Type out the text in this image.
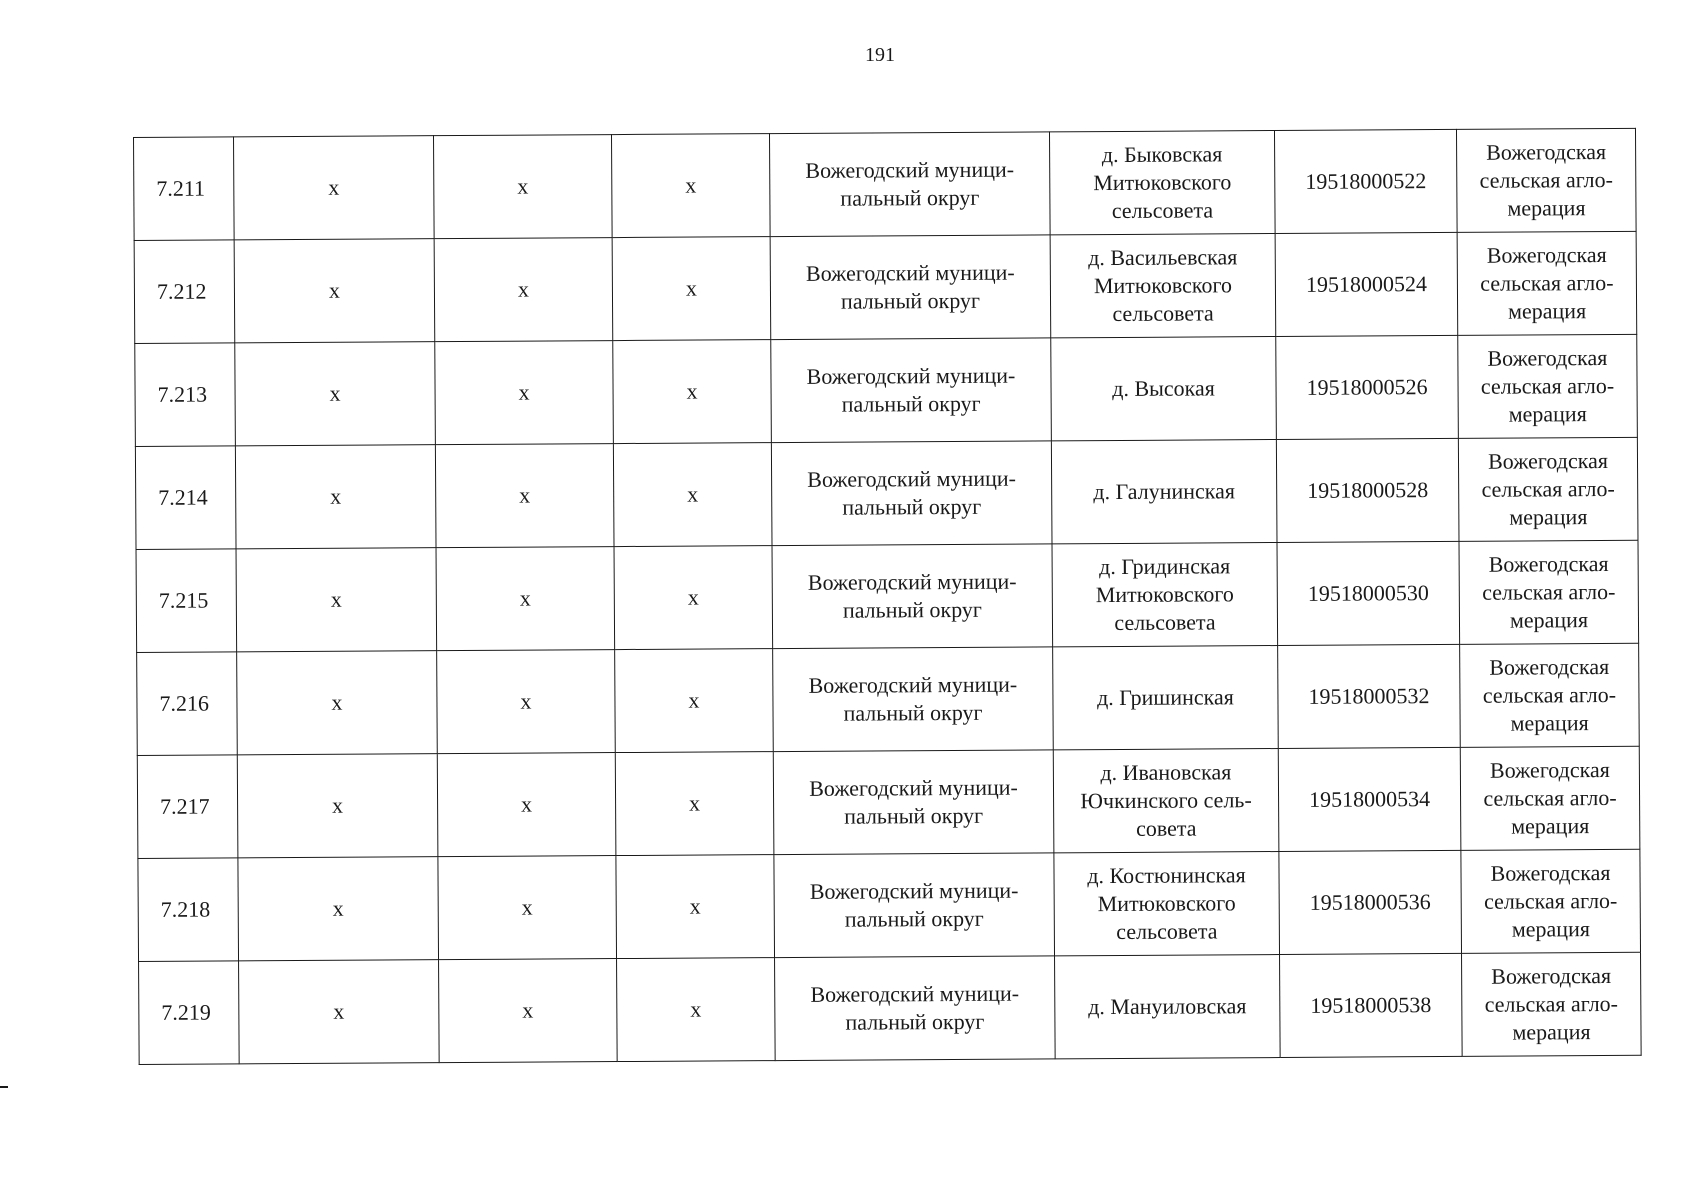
191
7.211	х	х	х	Вожегодский муници-
пальный округ	д. Быковская
Митюковского
сельсовета	19518000522	Вожегодская
сельская агло-
мерация

7.212	х	х	х	Вожегодский муници-
пальный округ	д. Васильевская
Митюковского
сельсовета	19518000524	Вожегодская
сельская агло-
мерация

7.213	х	х	х	Вожегодский муници-
пальный округ	д. Высокая	19518000526	Вожегодская
сельская агло-
мерация

7.214	х	х	х	Вожегодский муници-
пальный округ	д. Галунинская	19518000528	Вожегодская
сельская агло-
мерация

7.215	х	х	х	Вожегодский муници-
пальный округ	д. Гридинская
Митюковского
сельсовета	19518000530	Вожегодская
сельская агло-
мерация

7.216	х	х	х	Вожегодский муници-
пальный округ	д. Гришинская	19518000532	Вожегодская
сельская агло-
мерация

7.217	х	х	х	Вожегодский муници-
пальный округ	д. Ивановская
Ючкинского сель-
совета	19518000534	Вожегодская
сельская агло-
мерация

7.218	х	х	х	Вожегодский муници-
пальный округ	д. Костюнинская
Митюковского
сельсовета	19518000536	Вожегодская
сельская агло-
мерация

7.219	х	х	х	Вожегодский муници-
пальный округ	д. Мануиловская	19518000538	Вожегодская
сельская агло-
мерация
